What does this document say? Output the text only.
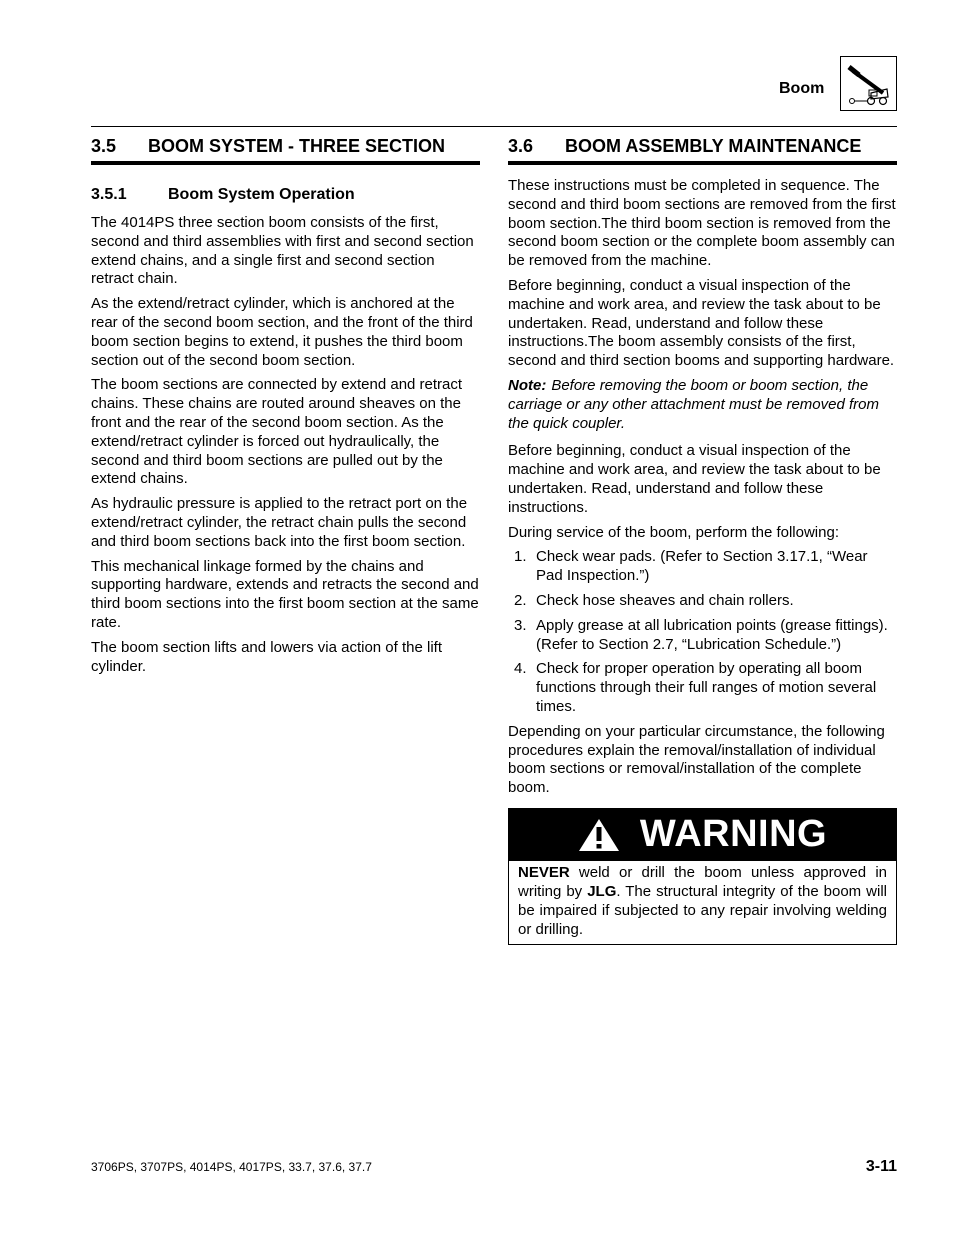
Boom
3.5 BOOM SYSTEM - THREE SECTION
3.5.1	Boom System Operation

The 4014PS three section boom consists of the first, second and third assemblies with first and second section extend chains, and a single first and second section retract chain.

As the extend/retract cylinder, which is anchored at the rear of the second boom section, and the front of the third boom section begins to extend, it pushes the third boom section out of the second boom section.

The boom sections are connected by extend and retract chains. These chains are routed around sheaves on the front and the rear of the second boom section. As the extend/retract cylinder is forced out hydraulically, the second and third boom sections are pulled out by the extend chains.

As hydraulic pressure is applied to the retract port on the extend/retract cylinder, the retract chain pulls the second and third boom sections back into the first boom section.

This mechanical linkage formed by the chains and supporting hardware, extends and retracts the second and third boom sections into the first boom section at the same rate.

The boom section lifts and lowers via action of the lift cylinder.

3.6 BOOM ASSEMBLY MAINTENANCE

These instructions must be completed in sequence. The second and third boom sections are removed from the first boom section.The third boom section is removed from the second boom section or the complete boom assembly can be removed from the machine.

Before beginning, conduct a visual inspection of the machine and work area, and review the task about to be undertaken. Read, understand and follow these instructions.The boom assembly consists of the first, second and third section booms and supporting hardware.

Note: Before removing the boom or boom section, the carriage or any other attachment must be removed from the quick coupler.

Before beginning, conduct a visual inspection of the machine and work area, and review the task about to be undertaken. Read, understand and follow these instructions.

During service of the boom, perform the following:

1. Check wear pads. (Refer to Section 3.17.1, “Wear Pad Inspection.”)
2. Check hose sheaves and chain rollers.
3. Apply grease at all lubrication points (grease fittings). (Refer to Section 2.7, “Lubrication Schedule.”)
4. Check for proper operation by operating all boom functions through their full ranges of motion several times.

Depending on your particular circumstance, the following procedures explain the removal/installation of individual boom sections or removal/installation of the complete boom.

WARNING
NEVER weld or drill the boom unless approved in writing by JLG. The structural integrity of the boom will be impaired if subjected to any repair involving welding or drilling.
3706PS, 3707PS, 4014PS, 4017PS, 33.7, 37.6, 37.7	3-11
